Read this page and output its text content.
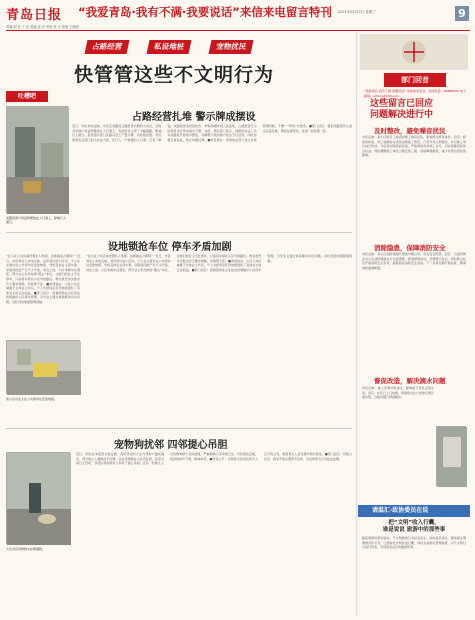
青岛日报 “我爱青岛·我有不满·我要说话”来信来电留言特刊 2021年6月23日 星期三	9
责编 刘 亚 丁 佳 美编 孟 亮 审读 张 宇 排版 王晓丽
占路经营	私设地桩	宠物扰民
快管管这些不文明行为
吐槽吧
某路段商户将货物摆放在人行道上，影响行人通行。
占路经营扎堆 警示牌成摆设
近日，市民来电反映，市北区某路段占路经营问题较为突出，沿街多家商户将货物摆放在人行道上，有的甚至占用了半幅道路，影响行人通行。虽然相关部门在路口设立了警示牌，但收效甚微。市民希望有关部门加大执法力度，还行人一个畅通的人行道。记者了解到，该路段周边居民较多，早晚高峰时段人流密集，占道经营行为给居民出行带来诸多不便。对此，相关部门表示，将组织执法人员对该路段开展集中整治，对屡教不改的商户依法予以处罚，同时加强日常巡查，防止问题反弹。■市民建议：希望执法部门建立长效管理机制，不要“一阵风”式整治。■部门回应：将把该路段列入重点巡查区域，增加巡查频次，发现一起处理一起。
设地锁抢车位 停车矛盾加剧
“在小区公共区域设置私人地锁，这种做法合理吗？”近日，市民刘女士来电反映，其所居住的小区内，不少业主擅自在公共停车位安装地锁，导致其他业主停车难，邻里间因此产生不少矛盾。刘女士说，小区本就车位紧张，部分业主私设地锁“圈占”车位，让晚归的业主无处停车，只能将车停在小区外的路边。物业虽然多次贴出告示要求拆除，但效果不佳。■律师说法：小区公共区域属于全体业主共有，个人未经同意私设地锁侵犯了其他业主的合法权益。■部门回应：将督促物业企业依法依规做好小区停车管理，引导业主通过协商解决车位问题，对私设的地锁限期拆除。
某小区内业主在公共停车位安装地锁。
“在小区公共区域设置私人地锁，这种做法合理吗？”近日，市民刘女士来电反映，其所居住的小区内，不少业主擅自在公共停车位安装地锁，导致其他业主停车难，邻里间因此产生不少矛盾。刘女士说，小区本就车位紧张，部分业主私设地锁“圈占”车位，让晚归的业主无处停车，只能将车停在小区外的路边。物业虽然多次贴出告示要求拆除，但效果不佳。■律师说法：小区公共区域属于全体业主共有，个人未经同意私设地锁侵犯了其他业主的合法权益。■部门回应：将督促物业企业依法依规做好小区停车管理，引导业主通过协商解决车位问题，对私设的地锁限期拆除。
宠物狗扰邻 四邻提心吊胆
小区内有宠物狗未拴绳遛狗。
近日，网友在本报留言板反映，其所居住的小区内养狗户越来越多，部分狗主人遛狗时不拴绳，任由宠物狗在小区内乱跑，甚至对着行人狂吠，令居民特别是老人和孩子提心吊胆。还有一些狗主人对宠物粪便不及时清理，严重影响小区环境卫生。另有居民反映，夜间狗吠声不断，影响休息。■居民心声：文明养犬是每位养犬人应尽的义务，希望养犬人自觉遵守相关规定。■部门回应：将联合社区、物业开展文明养犬宣传，对违规养犬行为依法处理。
部门回音
“我爱青岛·我有不满·我要说话” 来信来电留言，热线电话：82888000 电子邮箱：qdrbrx@163.com
这些留言已回应
问题解决进行中
及时整改，避免噪音扰民
市民反映：某小区附近工地夜间施工噪音扰民，影响周边居民休息。回应：经现场核查，该工地确存在夜间违规施工情况，已责令其立即整改，并对施工单位进行约谈。今后将加强夜间巡查，严格审批夜间施工许可，切实保障居民休息权益。同时提醒施工单位合理安排工期，采取降噪措施，减少对周边居民的影响。
消除隐患，保障消防安全
市民反映：某小区消防通道长期被车辆占用，存在安全隐患。回应：已组织物业对小区消防通道进行全面清理，施划禁停标线，设置警示标识。同时联合社区开展消防安全宣传，提高居民消防安全意识。下一步将定期开展检查，确保消防通道畅通。
督促改造，解决滴水问题
市民反映：楼上空调外机滴水，影响楼下居民正常生活。回应：社区已上门协调，督促相关住户加装空调冷凝水管，目前问题已得到解决。
请温汇·政协委员在说
把“文明”收入行囊，
谁是说说 旅游中的那些事
随着旅游旺季的到来，不文明旅游行为时有发生。政协委员建议，要加强文明旅游宣传引导，让游客把文明装进行囊，同时完善相关管理制度，对不文明行为进行约束，共同营造良好的旅游环境。
